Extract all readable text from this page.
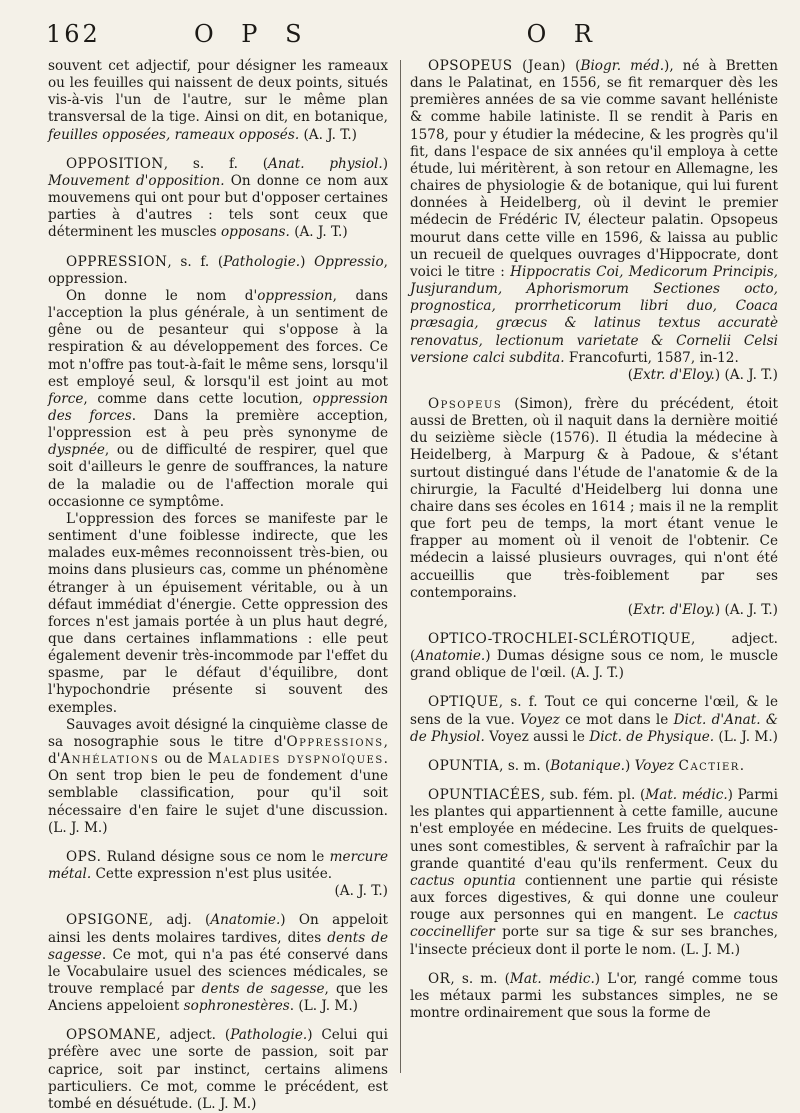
162	O P S	O R

souvent cet adjectif, pour désigner les rameaux ou les feuilles qui naissent de deux points, situés vis-à-vis l'un de l'autre, sur le même plan transversal de la tige. Ainsi on dit, en botanique, feuilles opposées, rameaux opposés. (A. J. T.)

OPPOSITION, s. f. (Anat. physiol.) Mouvement d'opposition. On donne ce nom aux mouvemens qui ont pour but d'opposer certaines parties à d'autres : tels sont ceux que déterminent les muscles opposans. (A. J. T.)

OPPRESSION, s. f. (Pathologie.) Oppressio, oppression.

On donne le nom d'oppression, dans l'acception la plus générale, à un sentiment de gêne ou de pesanteur qui s'oppose à la respiration & au développement des forces. Ce mot n'offre pas tout-à-fait le même sens, lorsqu'il est employé seul, & lorsqu'il est joint au mot force, comme dans cette locution, oppression des forces. Dans la première acception, l'oppression est à peu près synonyme de dyspnée, ou de difficulté de respirer, quel que soit d'ailleurs le genre de souffrances, la nature de la maladie ou de l'affection morale qui occasionne ce symptôme.

L'oppression des forces se manifeste par le sentiment d'une foiblesse indirecte, que les malades eux-mêmes reconnoissent très-bien, ou moins dans plusieurs cas, comme un phénomène étranger à un épuisement véritable, ou à un défaut immédiat d'énergie. Cette oppression des forces n'est jamais portée à un plus haut degré, que dans certaines inflammations : elle peut également devenir très-incommode par l'effet du spasme, par le défaut d'équilibre, dont l'hypochondrie présente si souvent des exemples.

Sauvages avoit désigné la cinquième classe de sa nosographie sous le titre d'Oppressions, d'Anhélations ou de Maladies dyspnoïques. On sent trop bien le peu de fondement d'une semblable classification, pour qu'il soit nécessaire d'en faire le sujet d'une discussion. (L. J. M.)

OPS. Ruland désigne sous ce nom le mercure métal. Cette expression n'est plus usitée.

(A. J. T.)

OPSIGONE, adj. (Anatomie.) On appeloit ainsi les dents molaires tardives, dites dents de sagesse. Ce mot, qui n'a pas été conservé dans le Vocabulaire usuel des sciences médicales, se trouve remplacé par dents de sagesse, que les Anciens appeloient sophronestères. (L. J. M.)

OPSOMANE, adject. (Pathologie.) Celui qui préfère avec une sorte de passion, soit par caprice, soit par instinct, certains alimens particuliers. Ce mot, comme le précédent, est tombé en désuétude. (L. J. M.)

OPSOPEUS (Jean) (Biogr. méd.), né à Bretten dans le Palatinat, en 1556, se fit remarquer dès les premières années de sa vie comme savant helléniste & comme habile latiniste. Il se rendit à Paris en 1578, pour y étudier la médecine, & les progrès qu'il fit, dans l'espace de six années qu'il employa à cette étude, lui méritèrent, à son retour en Allemagne, les chaires de physiologie & de botanique, qui lui furent données à Heidelberg, où il devint le premier médecin de Frédéric IV, électeur palatin. Opsopeus mourut dans cette ville en 1596, & laissa au public un recueil de quelques ouvrages d'Hippocrate, dont voici le titre : Hippocratis Coi, Medicorum Principis, Jusjurandum, Aphorismorum Sectiones octo, prognostica, prorrheticorum libri duo, Coaca præsagia, græcus & latinus textus accuratè renovatus, lectionum varietate & Cornelii Celsi versione calci subdita. Francofurti, 1587, in-12.

(Extr. d'Eloy.) (A. J. T.)

Opsopeus (Simon), frère du précédent, étoit aussi de Bretten, où il naquit dans la dernière moitié du seizième siècle (1576). Il étudia la médecine à Heidelberg, à Marpurg & à Padoue, & s'étant surtout distingué dans l'étude de l'anatomie & de la chirurgie, la Faculté d'Heidelberg lui donna une chaire dans ses écoles en 1614 ; mais il ne la remplit que fort peu de temps, la mort étant venue le frapper au moment où il venoit de l'obtenir. Ce médecin a laissé plusieurs ouvrages, qui n'ont été accueillis que très-foiblement par ses contemporains.

(Extr. d'Eloy.) (A. J. T.)

OPTICO-TROCHLEI-SCLÉROTIQUE, adject. (Anatomie.) Dumas désigne sous ce nom, le muscle grand oblique de l'œil. (A. J. T.)

OPTIQUE, s. f. Tout ce qui concerne l'œil, & le sens de la vue. Voyez ce mot dans le Dict. d'Anat. & de Physiol. Voyez aussi le Dict. de Physique. (L. J. M.)

OPUNTIA, s. m. (Botanique.) Voyez Cactier.

OPUNTIACÉES, sub. fém. pl. (Mat. médic.) Parmi les plantes qui appartiennent à cette famille, aucune n'est employée en médecine. Les fruits de quelques-unes sont comestibles, & servent à rafraîchir par la grande quantité d'eau qu'ils renferment. Ceux du cactus opuntia contiennent une partie qui résiste aux forces digestives, & qui donne une couleur rouge aux personnes qui en mangent. Le cactus coccinellifer porte sur sa tige & sur ses branches, l'insecte précieux dont il porte le nom. (L. J. M.)

OR, s. m. (Mat. médic.) L'or, rangé comme tous les métaux parmi les substances simples, ne se montre ordinairement que sous la forme de
